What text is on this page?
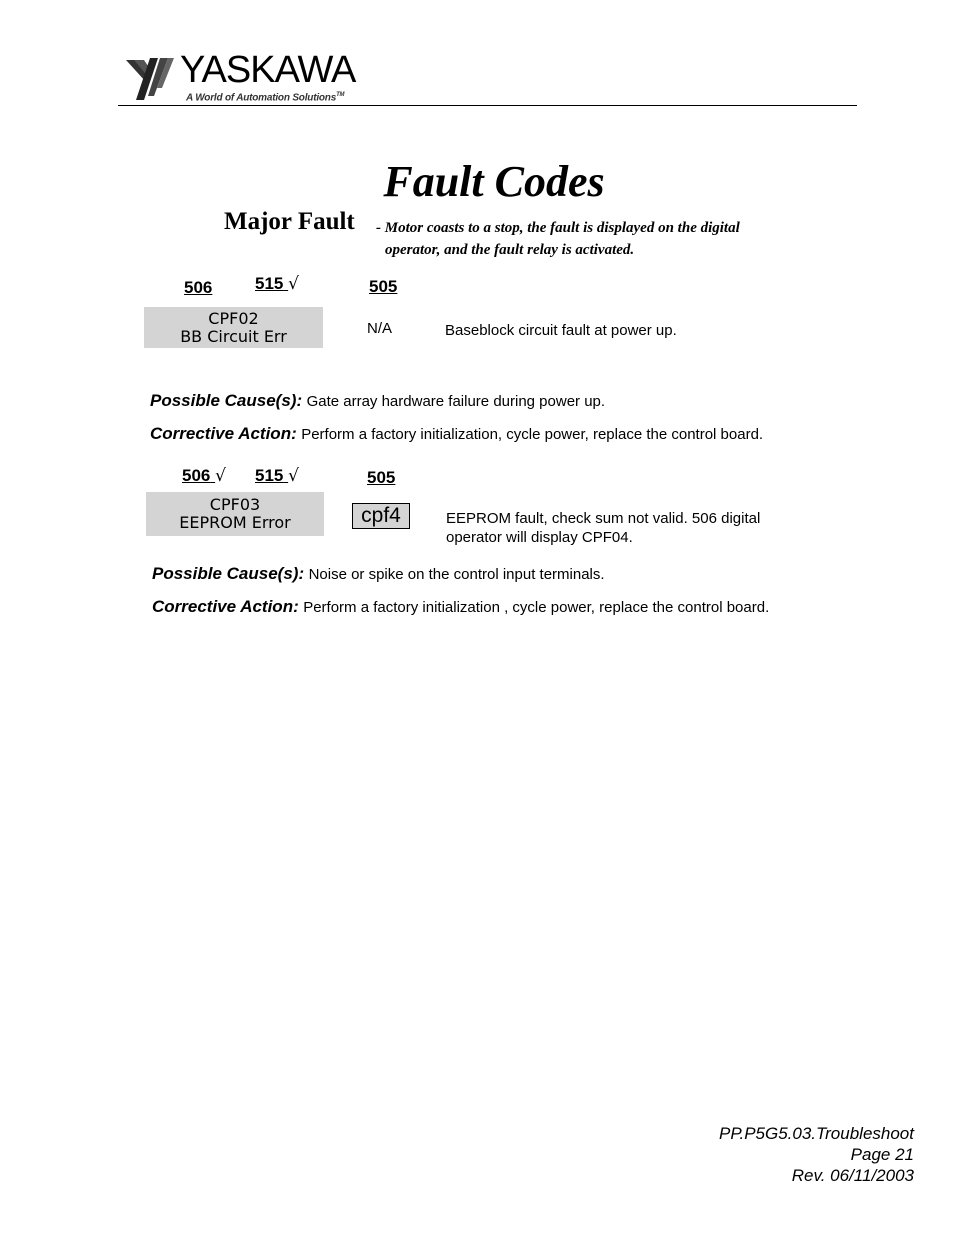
YASKAWA
A World of Automation Solutions™
Fault Codes
Major Fault - Motor coasts to a stop, the fault is displayed on the digital
operator, and the fault relay is activated.
506	515 √	505
CPF02
BB Circuit Err	N/A	Baseblock circuit fault at power up.
Possible Cause(s): Gate array hardware failure during power up.
Corrective Action: Perform a factory initialization, cycle power, replace the control board.
506 √ 515 √	505
CPF03
EEPROM Error	cpf4	EEPROM fault, check sum not valid. 506 digital
operator will display CPF04.
Possible Cause(s): Noise or spike on the control input terminals.
Corrective Action: Perform a factory initialization , cycle power, replace the control board.
PP.P5G5.03.Troubleshoot
Page 21
Rev. 06/11/2003
